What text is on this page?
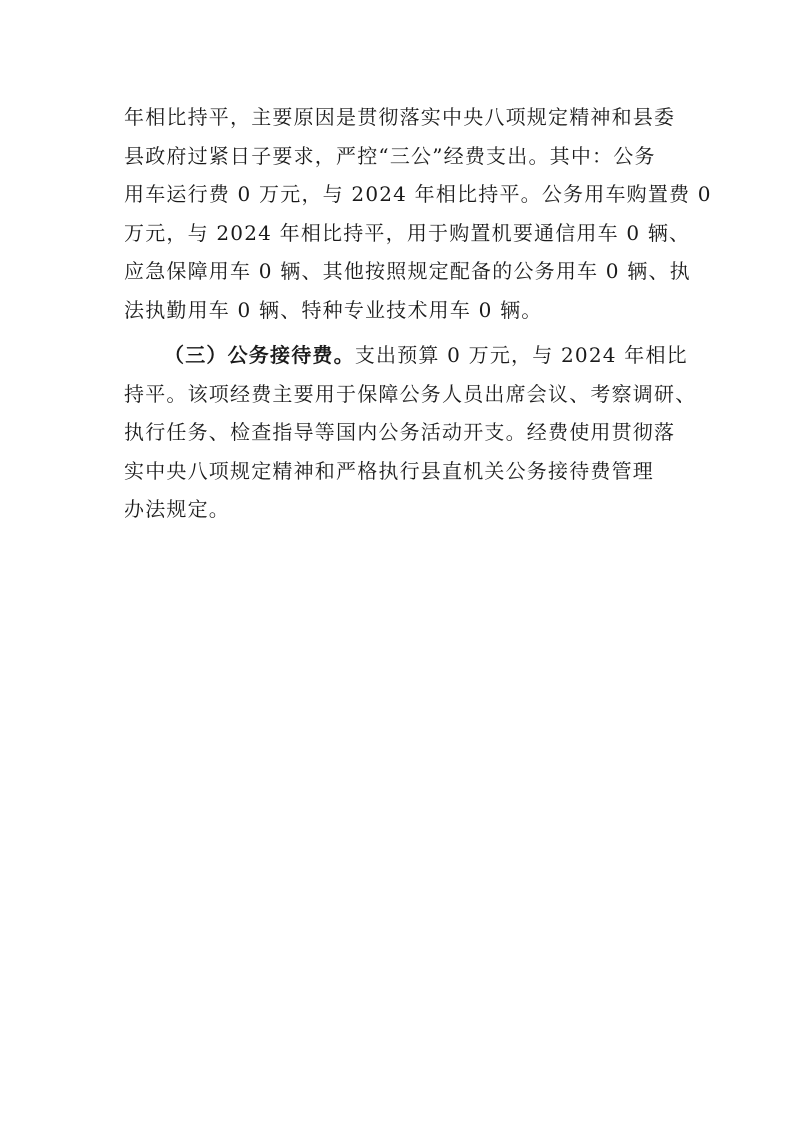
年相比持平，主要原因是贯彻落实中央八项规定精神和县委
县政府过紧日子要求，严控“三公”经费支出。其中：公务
用车运行费 0 万元，与 2024 年相比持平。公务用车购置费 0
万元，与 2024 年相比持平，用于购置机要通信用车 0 辆、
应急保障用车 0 辆、其他按照规定配备的公务用车 0 辆、执
法执勤用车 0 辆、特种专业技术用车 0 辆。
（三）公务接待费。支出预算 0 万元，与 2024 年相比
持平。该项经费主要用于保障公务人员出席会议、考察调研、
执行任务、检查指导等国内公务活动开支。经费使用贯彻落
实中央八项规定精神和严格执行县直机关公务接待费管理
办法规定。
